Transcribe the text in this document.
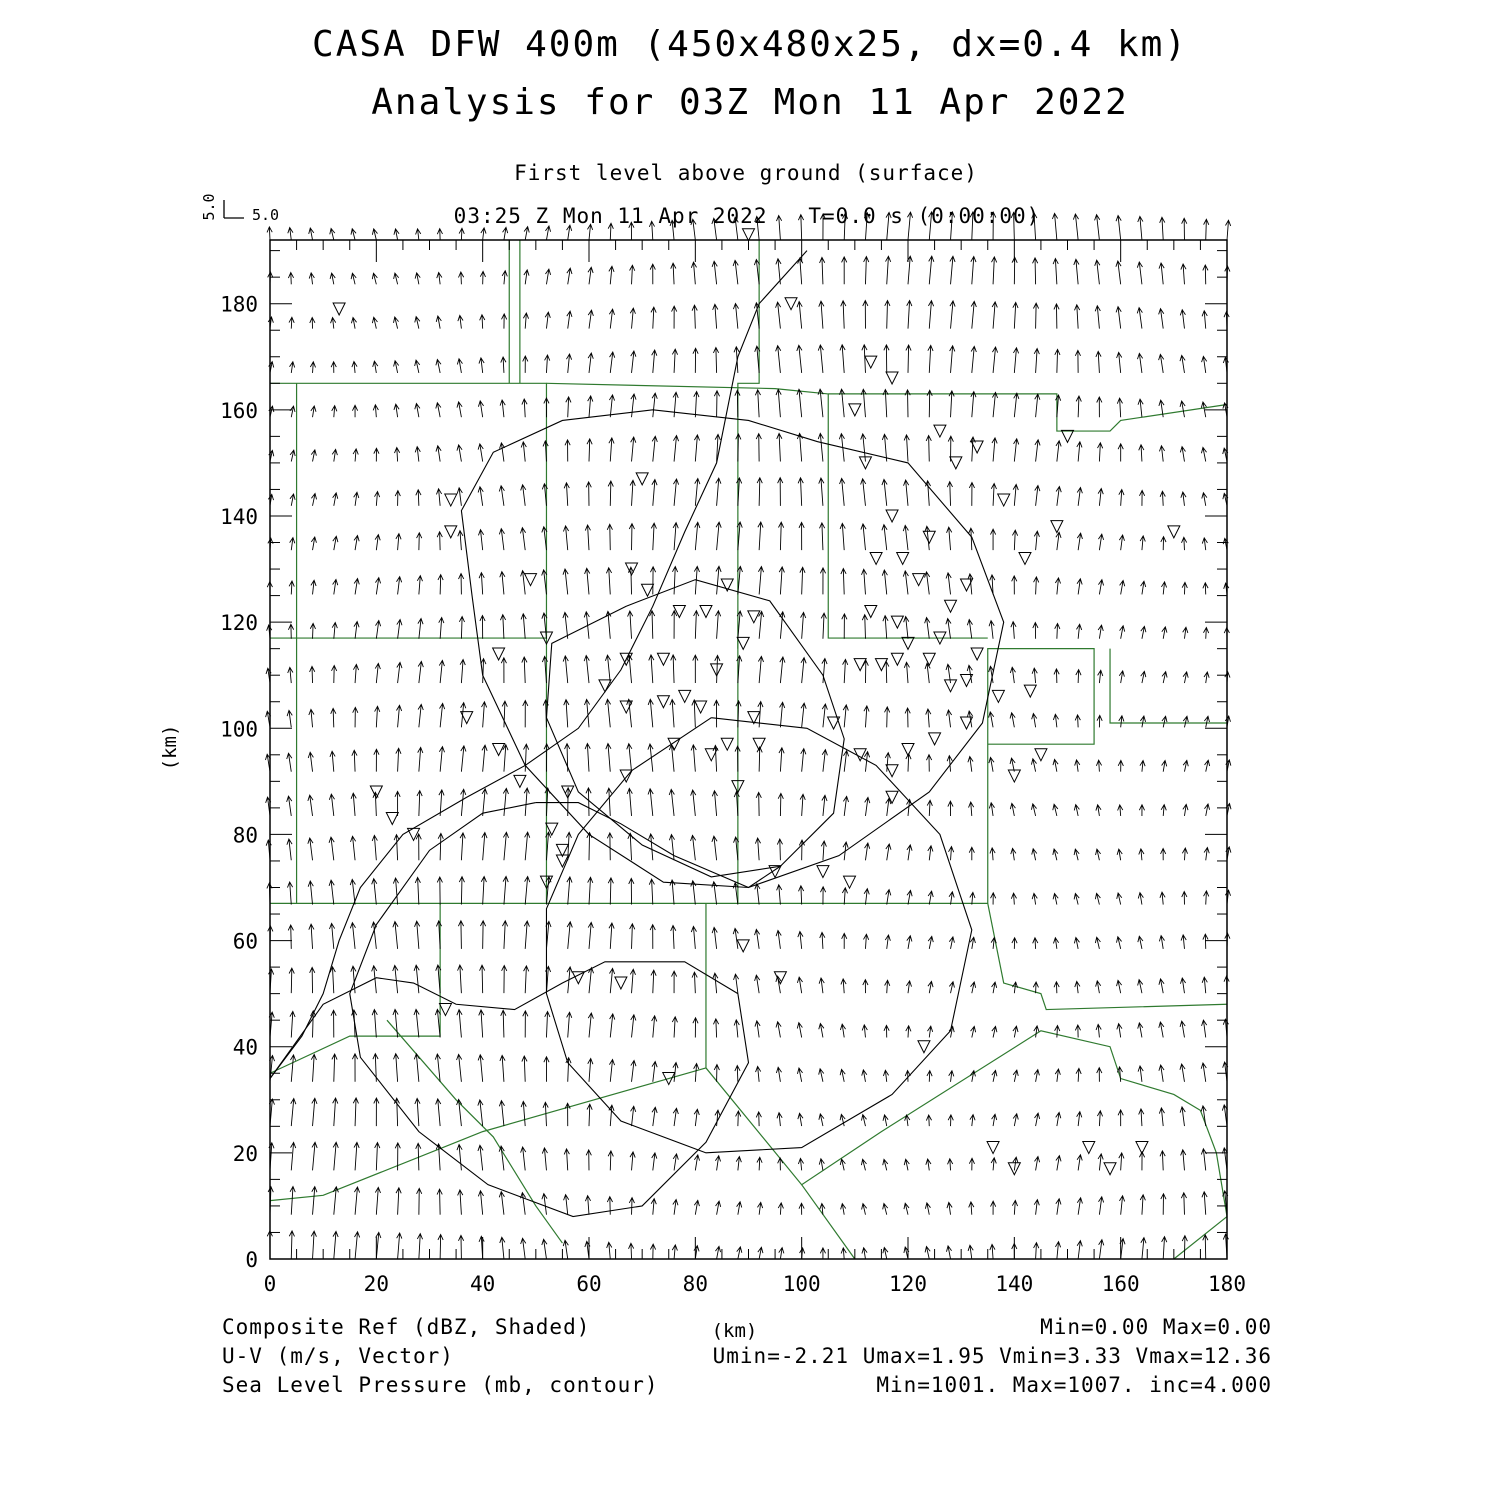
CASA DFW 400m (450x480x25, dx=0.4 km)
Analysis for 03Z Mon 11 Apr 2022
First level above ground (surface)
03:25 Z Mon 11 Apr 2022   T=0.0 s (0:00:00)
Composite Ref (dBZ, Shaded)	Min=0.00 Max=0.00
U-V (m/s, Vector)	Umin=-2.21 Umax=1.95 Vmin=3.33 Vmax=12.36
Sea Level Pressure (mb, contour)	Min=1001. Max=1007. inc=4.000
0	20	40	60	80	100	120	140	160	180
0
20
40
60
80
100
120
140
160
180
(km)
(km)
5.0 5.0
